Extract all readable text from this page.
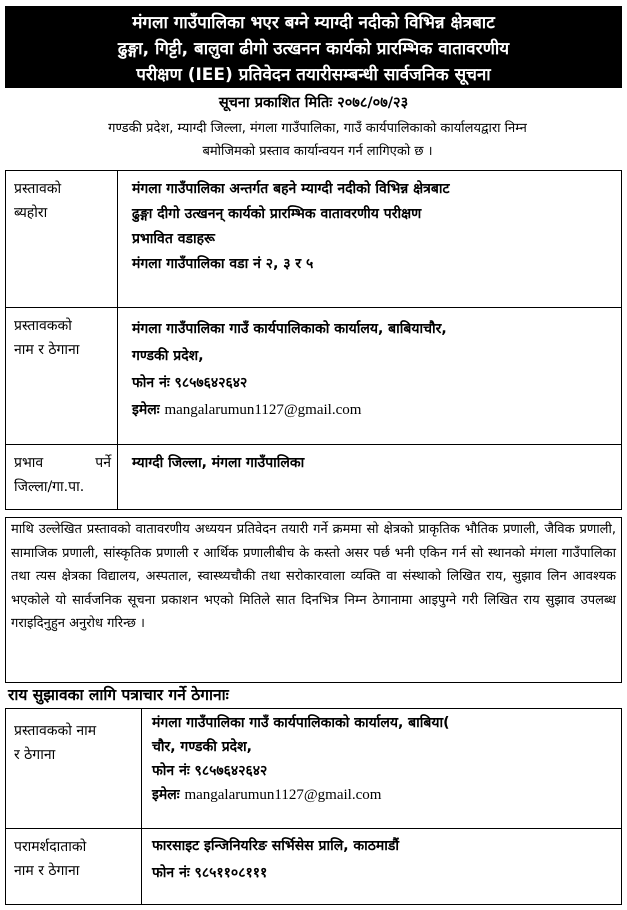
मंगला गाउँपालिका भएर बग्ने म्याग्दी नदीको विभिन्न क्षेत्रबाट
ढुङ्गा, गिट्टी, बालुवा ढीगो उत्खनन कार्यको प्रारम्भिक वातावरणीय
परीक्षण (IEE) प्रतिवेदन तयारीसम्बन्धी सार्वजनिक सूचना
सूचना प्रकाशित मितिः २०७८/०७/२३
गण्डकी प्रदेश, म्याग्दी जिल्ला, मंगला गाउँपालिका, गाउँ कार्यपालिकाको कार्यालयद्वारा निम्न
बमोजिमको प्रस्ताव कार्यान्वयन गर्न लागिएको छ ।
प्रस्तावको
ब्यहोरा
मंगला गाउँपालिका अन्तर्गत बहने म्याग्दी नदीको विभिन्न क्षेत्रबाट
ढुङ्गा दीगो उत्खनन् कार्यको प्रारम्भिक वातावरणीय परीक्षण
प्रभावित वडाहरू
मंगला गाउँपालिका वडा नं २, ३ र ५
प्रस्तावकको
नाम र ठेगाना
मंगला गाउँपालिका गाउँ कार्यपालिकाको कार्यालय, बाबियाचौर,
गण्डकी प्रदेश,
फोन नंः ९८५७६४२६४२
इमेलः mangalarumun1127@gmail.com
प्रभाव पर्ने
जिल्ला/गा.पा.
म्याग्दी जिल्ला, मंगला गाउँपालिका
माथि उल्लेखित प्रस्तावको वातावरणीय अध्ययन प्रतिवेदन तयारी गर्ने क्रममा सो क्षेत्रको प्राकृतिक भौतिक प्रणाली, जैविक प्रणाली, सामाजिक प्रणाली, सांस्कृतिक प्रणाली र आर्थिक प्रणालीबीच के कस्तो असर पर्छ भनी एकिन गर्न सो स्थानको मंगला गाउँपालिका तथा त्यस क्षेत्रका विद्यालय, अस्पताल, स्वास्थ्यचौकी तथा सरोकारवाला व्यक्ति वा संस्थाको लिखित राय, सुझाव लिन आवश्यक भएकोले यो सार्वजनिक सूचना प्रकाशन भएको मितिले सात दिनभित्र निम्न ठेगानामा आइपुग्ने गरी लिखित राय सुझाव उपलब्ध गराइदिनुहुन अनुरोध गरिन्छ ।
राय सुझावका लागि पत्राचार गर्ने ठेगानाः
प्रस्तावकको नाम
र ठेगाना
मंगला गाउँपालिका गाउँ कार्यपालिकाको कार्यालय, बाबिया(
चौर, गण्डकी प्रदेश,
फोन नंः ९८५७६४२६४२
इमेलः mangalarumun1127@gmail.com
परामर्शदाताको
नाम र ठेगाना
फारसाइट इन्जिनियरिङ सर्भिसेस प्रालि, काठमाडौं
फोन नंः ९८५११०८१११
